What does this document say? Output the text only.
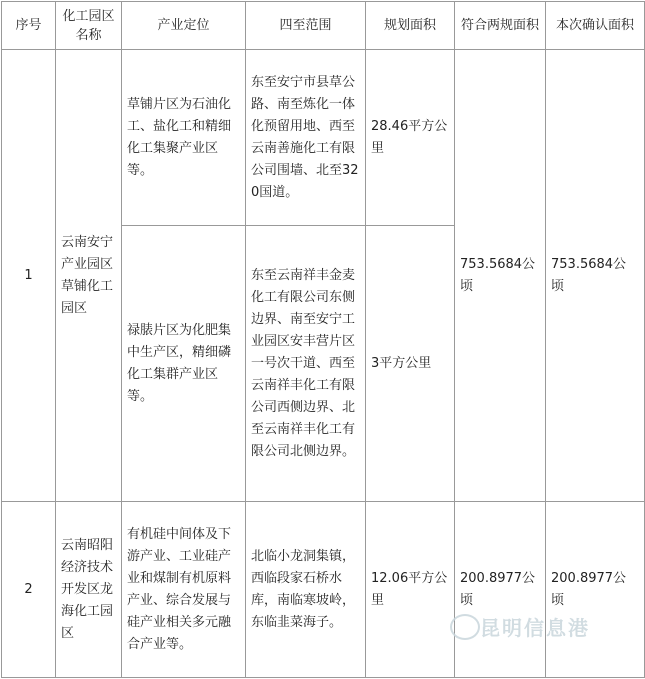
序号	化工园区名称	产业定位	四至范围	规划面积	符合两规面积	本次确认面积
1	云南安宁产业园区草铺化工园区	草铺片区为石油化工、盐化工和精细化工集聚产业区等。	东至安宁市县草公路、南至炼化一体化预留用地、西至云南善施化工有限公司围墙、北至320国道。	28.46平方公里	753.5684公顷	753.5684公顷
		禄脿片区为化肥集中生产区，精细磷化工集群产业区等。	东至云南祥丰金麦化工有限公司东侧边界、南至安宁工业园区安丰营片区一号次干道、西至云南祥丰化工有限公司西侧边界、北至云南祥丰化工有限公司北侧边界。	3平方公里		
2	云南昭阳经济技术开发区龙海化工园区	有机硅中间体及下游产业、工业硅产业和煤制有机原料产业、综合发展与硅产业相关多元融合产业等。	北临小龙洞集镇，西临段家石桥水库，南临寒坡岭，东临韭菜海子。	12.06平方公里	200.8977公顷	200.8977公顷
昆明信息港
